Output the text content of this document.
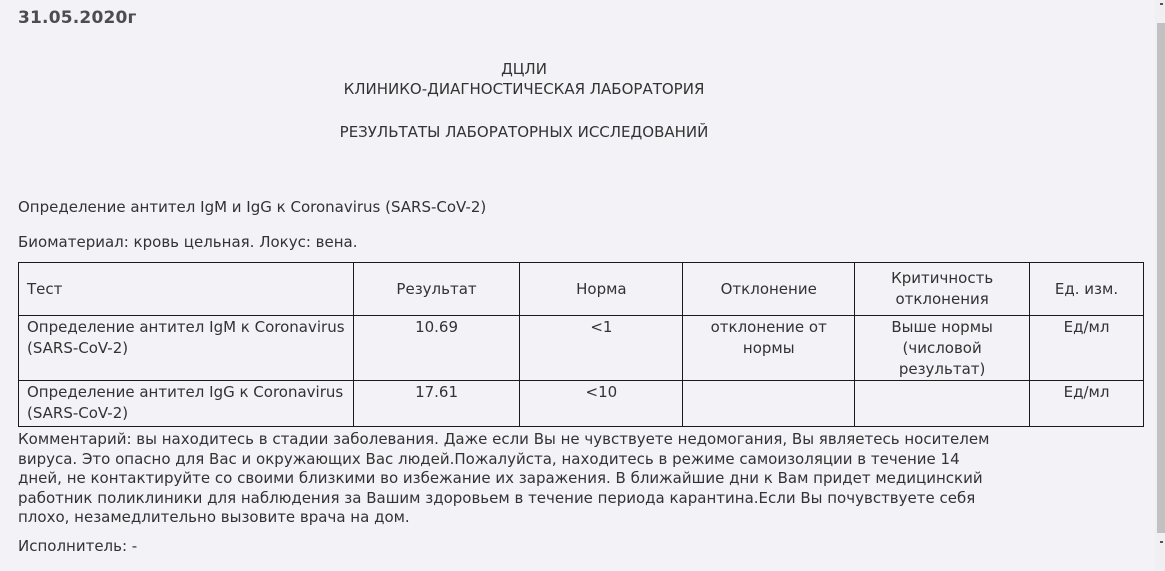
31.05.2020г
ДЦЛИ
КЛИНИКО-ДИАГНОСТИЧЕСКАЯ ЛАБОРАТОРИЯ
РЕЗУЛЬТАТЫ ЛАБОРАТОРНЫХ ИССЛЕДОВАНИЙ
Определение антител IgM и IgG к Coronavirus (SARS-CoV-2)
Биоматериал: кровь цельная. Локус: вена.
Тест	Результат	Норма	Отклонение	Критичность отклонения	Ед. изм.
Определение антител IgM к Coronavirus (SARS-CoV-2)	10.69	<1	отклонение от нормы	Выше нормы (числовой результат)	Ед/мл
Определение антител IgG к Coronavirus (SARS-CoV-2)	17.61	<10			Ед/мл
Комментарий: вы находитесь в стадии заболевания. Даже если Вы не чувствуете недомогания, Вы являетесь носителем вируса. Это опасно для Вас и окружающих Вас людей.Пожалуйста, находитесь в режиме самоизоляции в течение 14 дней, не контактируйте со своими близкими во избежание их заражения. В ближайшие дни к Вам придет медицинский работник поликлиники для наблюдения за Вашим здоровьем в течение периода карантина.Если Вы почувствуете себя плохо, незамедлительно вызовите врача на дом.
Исполнитель: -
